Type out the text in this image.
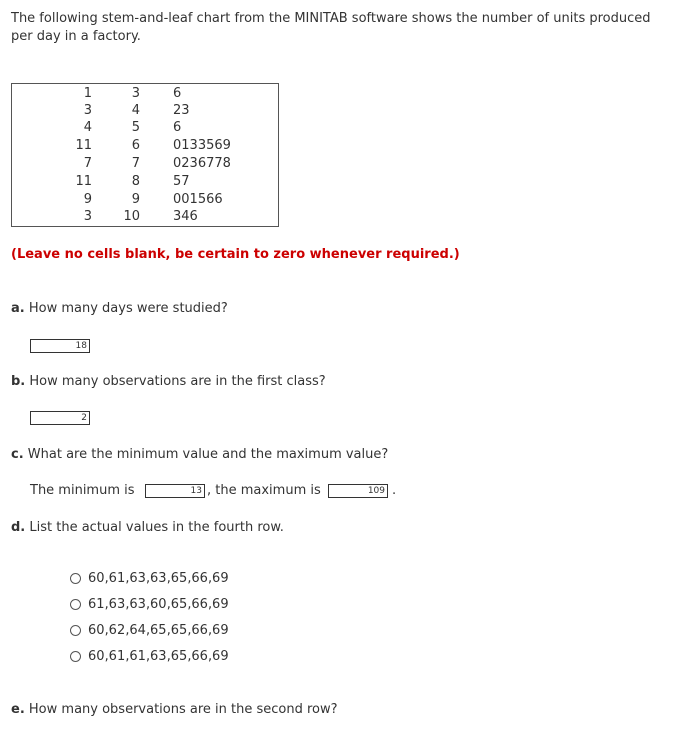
The following stem-and-leaf chart from the MINITAB software shows the number of units produced per day in a factory.
1	3	6
3	4	23
4	5	6
11	6	0133569
7	7	0236778
11	8	57
9	9	001566
3	10	346
(Leave no cells blank, be certain to zero whenever required.)
a. How many days were studied?
18
b. How many observations are in the first class?
2
c. What are the minimum value and the maximum value?
The minimum is	13 , the maximum is	109 .
d. List the actual values in the fourth row.
60‚61‚63‚63‚65‚66‚69
61‚63‚63‚60‚65‚66‚69
60‚62‚64‚65‚65‚66‚69
60‚61‚61‚63‚65‚66‚69
e. How many observations are in the second row?
